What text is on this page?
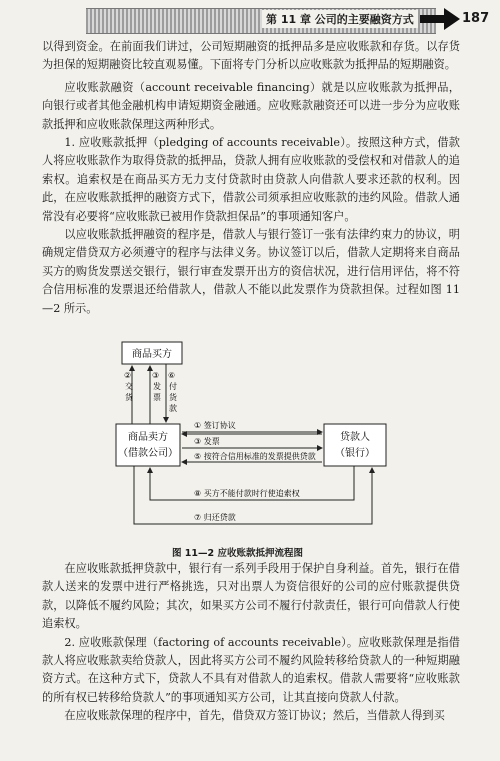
第 11 章 公司的主要融资方式	187

以得到资金。在前面我们讲过，公司短期融资的抵押品多是应收账款和存货。以存货为担保的短期融资比较直观易懂。下面将专门分析以应收账款为抵押品的短期融资。

应收账款融资（account receivable financing）就是以应收账款为抵押品，向银行或者其他金融机构申请短期资金融通。应收账款融资还可以进一步分为应收账款抵押和应收账款保理这两种形式。

1. 应收账款抵押（pledging of accounts receivable）。按照这种方式，借款人将应收账款作为取得贷款的抵押品，贷款人拥有应收账款的受偿权和对借款人的追索权。追索权是在商品买方无力支付贷款时由贷款人向借款人要求还款的权利。因此，在应收账款抵押的融资方式下，借款公司须承担应收账款的违约风险。借款人通常没有必要将“应收账款已被用作贷款担保品”的事项通知客户。

以应收账款抵押融资的程序是，借款人与银行签订一张有法律约束力的协议，明确规定借贷双方必须遵守的程序与法律义务。协议签订以后，借款人定期将来自商品买方的购货发票送交银行，银行审查发票开出方的资信状况，进行信用评估，将不符合信用标准的发票退还给借款人，借款人不能以此发票作为贷款担保。过程如图 11—2 所示。

商品买方
商品卖方
（借款公司）
贷款人
（银行）
② 交 货
③ 发 票
⑥ 付 货 款
① 签订协议
③ 发票
⑤ 按符合信用标准的发票提供贷款
⑧ 买方不能付款时行使追索权
⑦ 归还贷款
图 11—2 应收账款抵押流程图

在应收账款抵押贷款中，银行有一系列手段用于保护自身利益。首先，银行在借款人送来的发票中进行严格挑选，只对出票人为资信很好的公司的应付账款提供贷款，以降低不履约风险；其次，如果买方公司不履行付款责任，银行可向借款人行使追索权。

2. 应收账款保理（factoring of accounts receivable）。应收账款保理是指借款人将应收账款卖给贷款人，因此将买方公司不履约风险转移给贷款人的一种短期融资方式。在这种方式下，贷款人不具有对借款人的追索权。借款人需要将“应收账款的所有权已转移给贷款人”的事项通知买方公司，让其直接向贷款人付款。

在应收账款保理的程序中，首先，借贷双方签订协议；然后，当借款人得到买
